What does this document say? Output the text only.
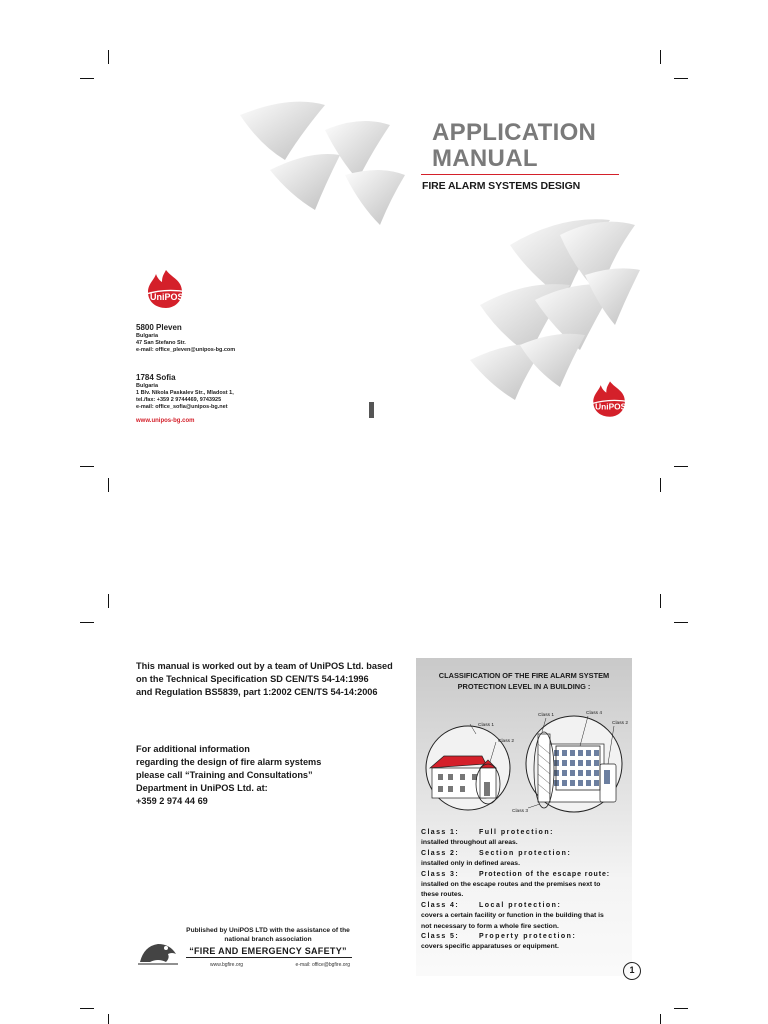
APPLICATION
MANUAL
FIRE ALARM SYSTEMS DESIGN
UniPOS
UniPOS
5800 Pleven
Bulgaria
47 San Stefano Str.
e-mail: office_pleven@unipos-bg.com
1784 Sofia
Bulgaria
1 Blv. Nikola Paskalev Str., Mladost 1,
tel./fax: +359 2 9744469, 9743925
e-mail: office_sofia@unipos-bg.net
www.unipos-bg.com
This manual is worked out by a team of UniPOS Ltd. based
on the Technical Specification SD CEN/TS 54-14:1996
and Regulation BS5839, part 1:2002 CEN/TS 54-14:2006
For additional information
regarding the design of fire alarm systems
please call “Training and Consultations”
Department in UniPOS Ltd. at:
+359 2 974 44 69
Published by UniPOS LTD with the assistance of the
national branch association
“FIRE AND EMERGENCY SAFETY”
www.bgfire.org	e-mail: office@bgfire.org
CLASSIFICATION OF THE FIRE ALARM SYSTEM
PROTECTION LEVEL IN A BUILDING :
Class 1
Class 2
Class 1	Class 4
Class 2
Class 3
Class 1:	Full protection:
installed throughout all areas.
Class 2:	Section protection:
installed only in defined areas.
Class 3:	Protection of the escape route:
installed on the escape routes and the premises next to
these routes.
Class 4:	Local protection:
covers a certain facility or function in the building that is
not necessary to form a whole fire section.
Class 5:	Property protection:
covers specific apparatuses or equipment.
1
